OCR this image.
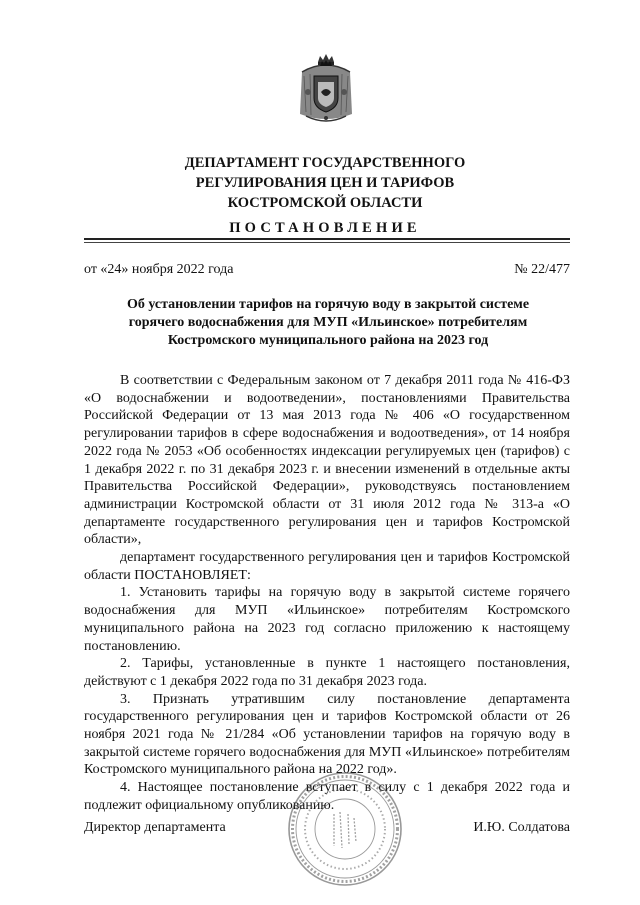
ДЕПАРТАМЕНТ ГОСУДАРСТВЕННОГО
РЕГУЛИРОВАНИЯ ЦЕН И ТАРИФОВ
КОСТРОМСКОЙ ОБЛАСТИ
ПОСТАНОВЛЕНИЕ
от «24» ноября 2022 года	№ 22/477
Об установлении тарифов на горячую воду в закрытой системе
горячего водоснабжения для МУП «Ильинское» потребителям
Костромского муниципального района на 2023 год

В соответствии с Федеральным законом от 7 декабря 2011 года № 416-ФЗ «О водоснабжении и водоотведении», постановлениями Правительства Российской Федерации от 13 мая 2013 года № 406 «О государственном регулировании тарифов в сфере водоснабжения и водоотведения», от 14 ноября 2022 года № 2053 «Об особенностях индексации регулируемых цен (тарифов) с 1 декабря 2022 г. по 31 декабря 2023 г. и внесении изменений в отдельные акты Правительства Российской Федерации», руководствуясь постановлением администрации Костромской области от 31 июля 2012 года № 313-а «О департаменте государственного регулирования цен и тарифов Костромской области»,

департамент государственного регулирования цен и тарифов Костромской области ПОСТАНОВЛЯЕТ:

1. Установить тарифы на горячую воду в закрытой системе горячего водоснабжения для МУП «Ильинское» потребителям Костромского муниципального района на 2023 год согласно приложению к настоящему постановлению.

2. Тарифы, установленные в пункте 1 настоящего постановления, действуют с 1 декабря 2022 года по 31 декабря 2023 года.

3. Признать утратившим силу постановление департамента государственного регулирования цен и тарифов Костромской области от 26 ноября 2021 года № 21/284 «Об установлении тарифов на горячую воду в закрытой системе горячего водоснабжения для МУП «Ильинское» потребителям Костромского муниципального района на 2022 год».

4. Настоящее постановление вступает в силу с 1 декабря 2022 года и подлежит официальному опубликованию.

Директор департамента	И.Ю. Солдатова
